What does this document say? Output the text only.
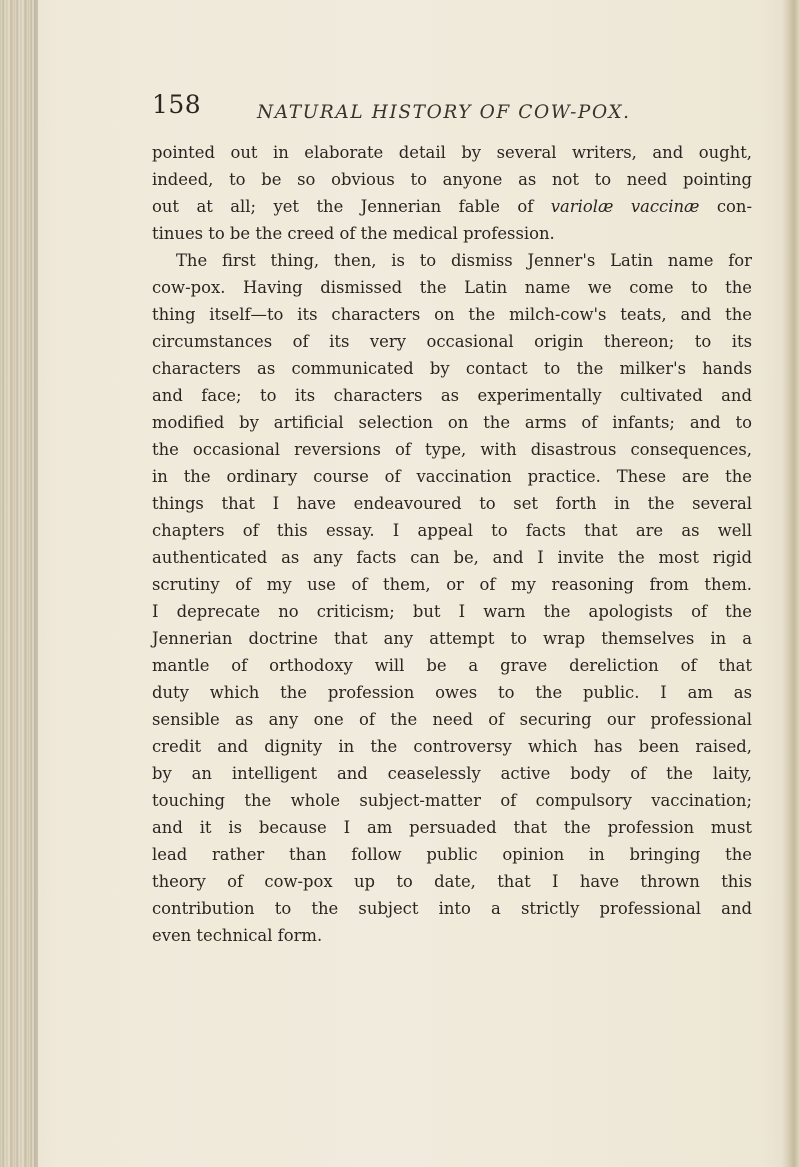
158	NATURAL HISTORY OF COW-POX.
pointed out in elaborate detail by several writers, and ought,
indeed, to be so obvious to anyone as not to need pointing
out at all; yet the Jennerian fable of variolæ vaccinæ con-
tinues to be the creed of the medical profession.
The first thing, then, is to dismiss Jenner's Latin name for
cow-pox. Having dismissed the Latin name we come to the
thing itself—to its characters on the milch-cow's teats, and the
circumstances of its very occasional origin thereon; to its
characters as communicated by contact to the milker's hands
and face; to its characters as experimentally cultivated and
modified by artificial selection on the arms of infants; and to
the occasional reversions of type, with disastrous consequences,
in the ordinary course of vaccination practice. These are the
things that I have endeavoured to set forth in the several
chapters of this essay. I appeal to facts that are as well
authenticated as any facts can be, and I invite the most rigid
scrutiny of my use of them, or of my reasoning from them.
I deprecate no criticism; but I warn the apologists of the
Jennerian doctrine that any attempt to wrap themselves in a
mantle of orthodoxy will be a grave dereliction of that
duty which the profession owes to the public. I am as
sensible as any one of the need of securing our professional
credit and dignity in the controversy which has been raised,
by an intelligent and ceaselessly active body of the laity,
touching the whole subject-matter of compulsory vaccination;
and it is because I am persuaded that the profession must
lead rather than follow public opinion in bringing the
theory of cow-pox up to date, that I have thrown this
contribution to the subject into a strictly professional and
even technical form.
